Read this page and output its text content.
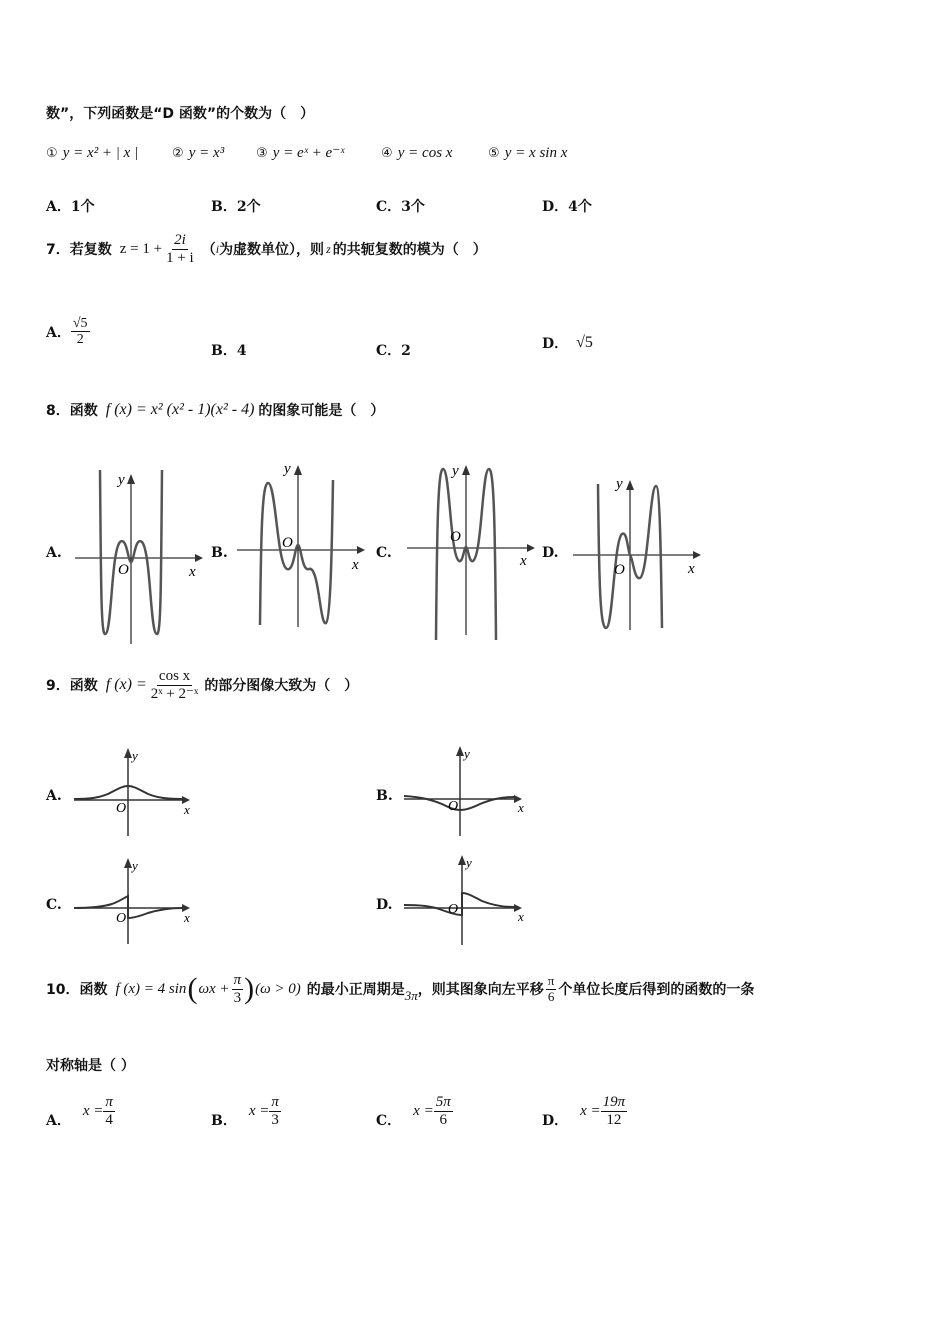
数”，下列函数是“D 函数”的个数为（　）
① y = x² + | x |	② y = x³ ③ y = eˣ + e⁻ˣ	④ y = cos x	⑤ y = x sin x
A．1个	B．2个	C．3个	D．4个
7．若复数 $z = 1 + \frac{2i}{1 + i}$ （ i 为虚数单位），则 z 的共轭复数的模为（　）
A． $\frac{√5}{2}$
B．4	C．2	D． √5
8．函数 f (x) = x² (x² - 1)(x² - 4) 的图象可能是（　）
A.	B.	C.	D.
y
x
O
y
x
O
y
x
O
y
x
O
9．函数 f $(x) = \frac{\text{cos x}}{\text{2ˣ + 2⁻ˣ}}$ 的部分图像大致为（　）
A.	B.
C.	D.
y
x
O
y
x
O
y
x
O
y
x
O
10．函数 f (x) = 4 sin ( $\omega x + \frac{\pi}{3}$ ) (ω > 0) 的最小正周期是 3π ，则其图象向左平移 $\frac{\pi}{6}$ 个单位长度后得到的函数的一条
对称轴是（ ）
A．
$x = \frac{\pi}{4}$	B．
$x = \frac{\pi}{3}$	C．
$x = \frac{5\pi}{6}$	D．
$x = \frac{19\pi}{12}$
